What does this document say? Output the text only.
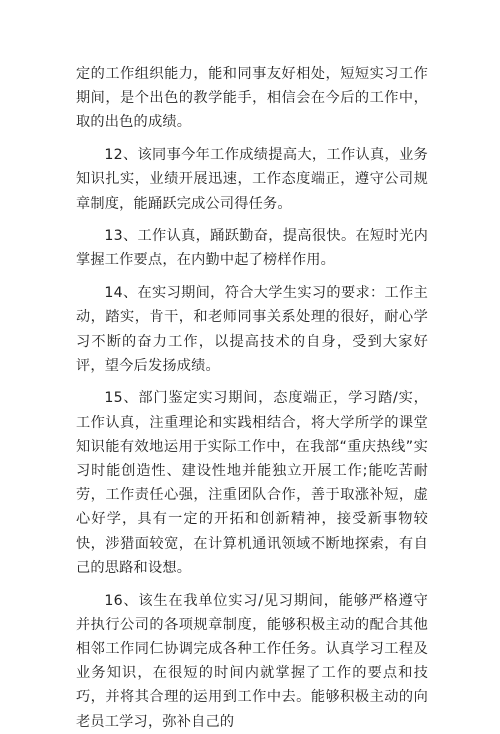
定的工作组织能力，能和同事友好相处，短短实习工作期间，是个出色的教学能手，相信会在今后的工作中，取的出色的成绩。

12、该同事今年工作成绩提高大，工作认真，业务知识扎实，业绩开展迅速，工作态度端正，遵守公司规章制度，能踊跃完成公司得任务。

13、工作认真，踊跃勤奋，提高很快。在短时光内掌握工作要点，在内勤中起了榜样作用。

14、在实习期间，符合大学生实习的要求：工作主动，踏实，肯干，和老师同事关系处理的很好，耐心学习不断的奋力工作，以提高技术的自身，受到大家好评，望今后发扬成绩。

15、部门鉴定实习期间，态度端正，学习踏/实，工作认真，注重理论和实践相结合，将大学所学的课堂知识能有效地运用于实际工作中，在我部“重庆热线”实习时能创造性、建设性地并能独立开展工作;能吃苦耐劳，工作责任心强，注重团队合作，善于取涨补短，虚心好学，具有一定的开拓和创新精神，接受新事物较快，涉猎面较宽，在计算机通讯领域不断地探索，有自己的思路和设想。

16、该生在我单位实习/见习期间，能够严格遵守并执行公司的各项规章制度，能够积极主动的配合其他相邻工作同仁协调完成各种工作任务。认真学习工程及业务知识，在很短的时间内就掌握了工作的要点和技巧，并将其合理的运用到工作中去。能够积极主动的向老员工学习，弥补自己的
